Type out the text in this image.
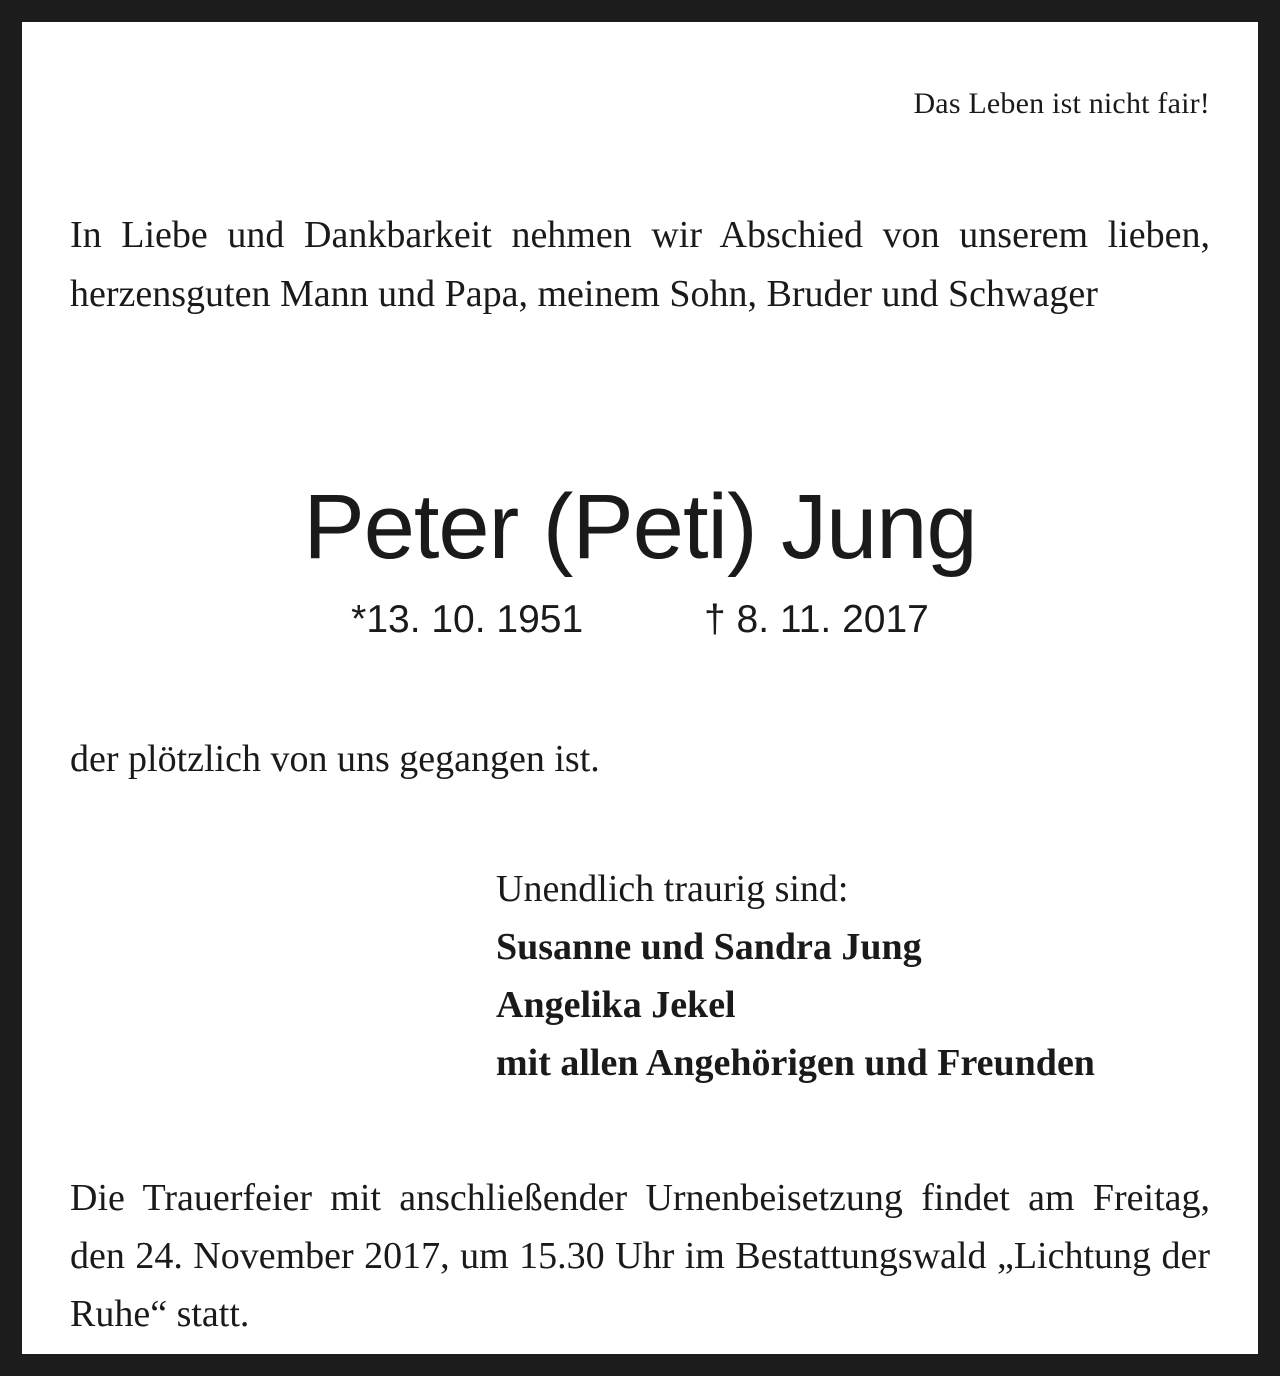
Das Leben ist nicht fair!
In Liebe und Dankbarkeit nehmen wir Abschied von unserem lieben, herzensguten Mann und Papa, meinem Sohn, Bruder und Schwager
Peter (Peti) Jung
*13. 10. 1951	† 8. 11. 2017
der plötzlich von uns gegangen ist.
Unendlich traurig sind:
Susanne und Sandra Jung
Angelika Jekel
mit allen Angehörigen und Freunden
Die Trauerfeier mit anschließender Urnenbeisetzung findet am Freitag, den 24. November 2017, um 15.30 Uhr im Bestattungswald „Lichtung der Ruhe“ statt.
